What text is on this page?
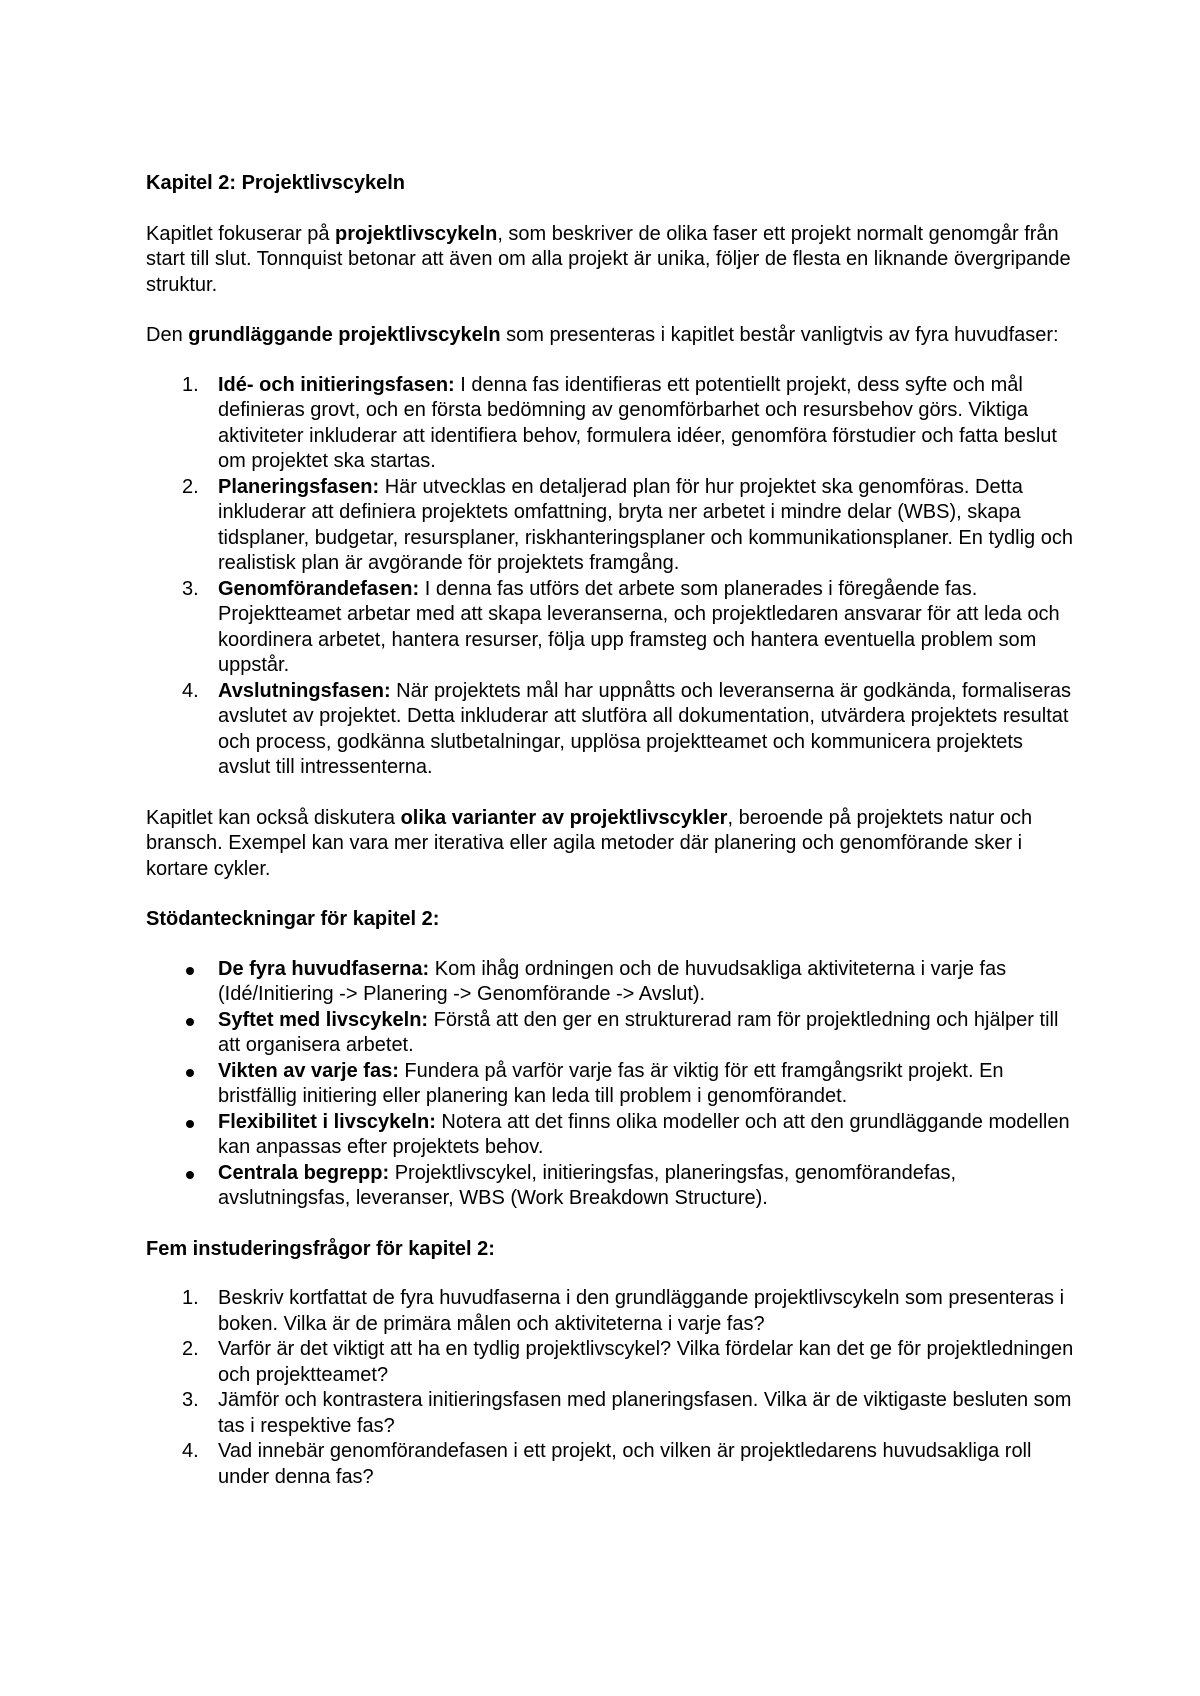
Kapitel 2: Projektlivscykeln

Kapitlet fokuserar på projektlivscykeln, som beskriver de olika faser ett projekt normalt genomgår från start till slut. Tonnquist betonar att även om alla projekt är unika, följer de flesta en liknande övergripande struktur.

Den grundläggande projektlivscykeln som presenteras i kapitlet består vanligtvis av fyra huvudfaser:

1. Idé- och initieringsfasen: I denna fas identifieras ett potentiellt projekt, dess syfte och mål definieras grovt, och en första bedömning av genomförbarhet och resursbehov görs. Viktiga aktiviteter inkluderar att identifiera behov, formulera idéer, genomföra förstudier och fatta beslut om projektet ska startas.
2. Planeringsfasen: Här utvecklas en detaljerad plan för hur projektet ska genomföras. Detta inkluderar att definiera projektets omfattning, bryta ner arbetet i mindre delar (WBS), skapa tidsplaner, budgetar, resursplaner, riskhanteringsplaner och kommunikationsplaner. En tydlig och realistisk plan är avgörande för projektets framgång.
3. Genomförandefasen: I denna fas utförs det arbete som planerades i föregående fas. Projektteamet arbetar med att skapa leveranserna, och projektledaren ansvarar för att leda och koordinera arbetet, hantera resurser, följa upp framsteg och hantera eventuella problem som uppstår.
4. Avslutningsfasen: När projektets mål har uppnåtts och leveranserna är godkända, formaliseras avslutet av projektet. Detta inkluderar att slutföra all dokumentation, utvärdera projektets resultat och process, godkänna slutbetalningar, upplösa projektteamet och kommunicera projektets avslut till intressenterna.

Kapitlet kan också diskutera olika varianter av projektlivscykler, beroende på projektets natur och bransch. Exempel kan vara mer iterativa eller agila metoder där planering och genomförande sker i kortare cykler.

Stödanteckningar för kapitel 2:

De fyra huvudfaserna: Kom ihåg ordningen och de huvudsakliga aktiviteterna i varje fas (Idé/Initiering -> Planering -> Genomförande -> Avslut).
Syftet med livscykeln: Förstå att den ger en strukturerad ram för projektledning och hjälper till att organisera arbetet.
Vikten av varje fas: Fundera på varför varje fas är viktig för ett framgångsrikt projekt. En bristfällig initiering eller planering kan leda till problem i genomförandet.
Flexibilitet i livscykeln: Notera att det finns olika modeller och att den grundläggande modellen kan anpassas efter projektets behov.
Centrala begrepp: Projektlivscykel, initieringsfas, planeringsfas, genomförandefas, avslutningsfas, leveranser, WBS (Work Breakdown Structure).

Fem instuderingsfrågor för kapitel 2:

1. Beskriv kortfattat de fyra huvudfaserna i den grundläggande projektlivscykeln som presenteras i boken. Vilka är de primära målen och aktiviteterna i varje fas?
2. Varför är det viktigt att ha en tydlig projektlivscykel? Vilka fördelar kan det ge för projektledningen och projektteamet?
3. Jämför och kontrastera initieringsfasen med planeringsfasen. Vilka är de viktigaste besluten som tas i respektive fas?
4. Vad innebär genomförandefasen i ett projekt, och vilken är projektledarens huvudsakliga roll under denna fas?
